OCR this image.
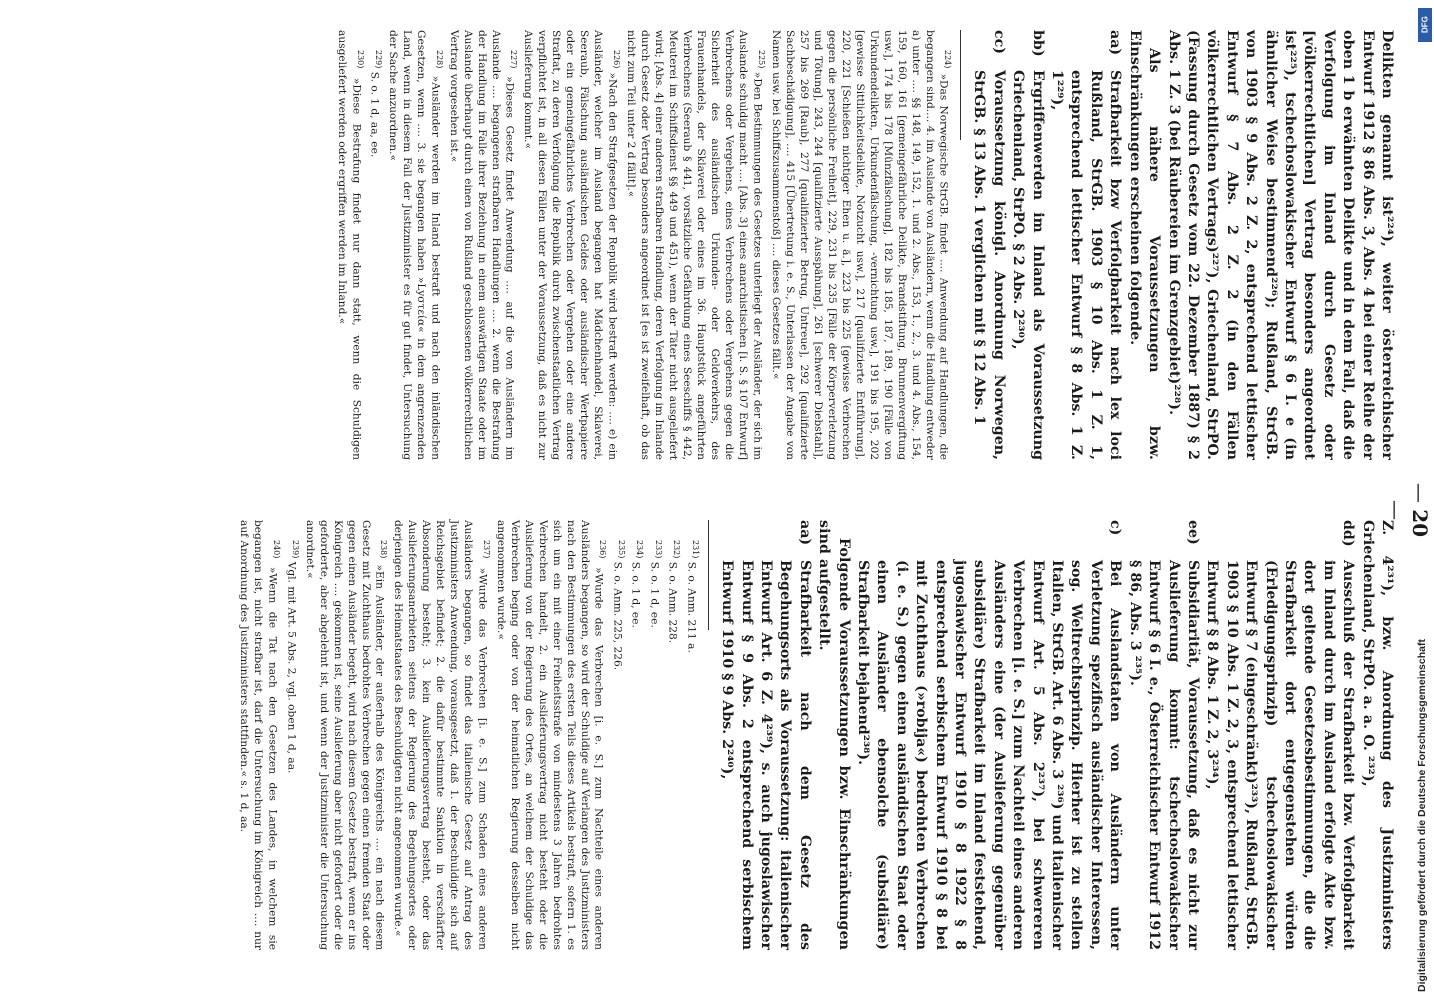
— 20 —

Delikten genannt ist²²⁴), weiter österreichischer Entwurf 1912 § 86 Abs. 3, Abs. 4 bei einer Reihe der oben 1 b erwähnten Delikte und in dem Fall, daß die Verfolgung im Inland durch Gesetz oder [völkerrechtlichen] Vertrag besonders angeordnet ist²²⁵), tschechoslowakischer Entwurf § 6 I. e (in ähnlicher Weise bestimmend²²⁶); Rußland, StrGB. von 1903 § 9 Abs. 2 Z. 2, entsprechend lettischer Entwurf § 7 Abs. 2 Z. 2 (in den Fällen völkerrechtlichen Vertrags)²²⁷), Griechenland, StrPO. (Fassung durch Gesetz vom 22. Dezember 1887) § 2 Abs. 1 Z. 3 (bei Räubereien im Grenzgebiet)²²⁸).

Als nähere Voraussetzungen bzw. Einschränkungen erscheinen folgende.

aa)
Strafbarkeit bzw Verfolgbarkeit nach lex loci Rußland, StrGB. 1903 § 10 Abs. 1 Z. 1, entsprechend lettischer Entwurf § 8 Abs. 1 Z. 1²²⁹),
bb)
Ergriffenwerden im Inland als Voraussetzung Griechenland, StrPO. § 2 Abs. 2²³⁰),
cc)
Voraussetzung königl. Anordnung Norwegen, StrGB. § 13 Abs. 1 verglichen mit § 12 Abs. 1

$^{224)}$ »Das Norwegische StrGB. findet .... Anwendung auf Handlungen, die begangen sind.... 4. im Auslande von Ausländern, wenn die Handlung entweder a) unter .... §§ 148, 149, 152, 1. und 2. Abs., 153, 1., 2., 3. und 4. Abs., 154, 159, 160, 161 [gemeingefährliche Delikte, Brandstiftung, Brunnenvergiftung usw.], 174 bis 178 [Münzfälschung], 182 bis 185, 187, 189, 190 [Fälle von Urkundendelikten, Urkundenfälschung, -vernichtung usw.], 191 bis 195, 202 [gewisse Sittlichkeitsdelikte, Notzucht usw.], 217 [qualifizierte Entführung], 220, 221 [Schießen nichtiger Ehen u. ä.], 223 bis 225 [gewisse Verbrechen gegen die persönliche Freiheit], 229, 231 bis 235 [Fälle der Körperverletzung und Tötung], 243, 244 [qualifizierte Ausspähung], 261 [schwerer Diebstahl], 257 bis 269 [Raub], 277 [qualifizierter Betrug, Untreue], 292 [qualifizierte Sachbeschädigung], .... 415 [Übertretung i. e. S., Unterlassen der Angabe von Namen usw. bei Schiffszusammenstoß] .... dieses Gesetzes fällt.«

$^{225)}$ »Den Bestimmungen des Gesetzes unterliegt der Ausländer, der sich im Auslande schuldig macht .... [Abs. 3] eines anarchistischen [i. S. § 107 Entwurf] Verbrechens oder Vergehens, eines Verbrechens oder Vergehens gegen die Sicherheit des ausländischen Urkunden- oder Geldverkehrs, des Frauenhandels, der Sklaverei oder eines im 36. Hauptstück angeführten Verbrechens (Seeraub § 441, vorsätzliche Gefährdung eines Seeschiffs § 442, Meuterei im Schiffsdienst §§ 449 und 451), wenn der Täter nicht ausgeliefert wird; [Abs. 4] einer anderen strafbaren Handlung, deren Verfolgung im Inlande durch Gesetz oder Vertrag besonders angeordnet ist [es ist zweifelhaft, ob das nicht zum Teil unter 2 d fällt].«

$^{226)}$ »Nach den Strafgesetzen der Republik wird bestraft werden: .... e) ein Ausländer, welcher im Ausland begangen hat Mädchenhandel, Sklaverei, Seeraub, Fälschung ausländischen Geldes oder ausländischer Wertpapiere oder ein gemeingefährliches Verbrechen oder Vergehen oder eine andere Straftat, zu deren Verfolgung die Republik durch zwischenstaatlichen Vertrag verpflichtet ist, in all diesen Fällen unter der Voraussetzung, daß es nicht zur Auslieferung kommt.«

$^{227)}$ »Dieses Gesetz findet Anwendung .... auf die von Ausländern im Auslande .... begangenen strafbaren Handlungen .... 2. wenn die Bestrafung der Handlung im Falle ihrer Beziehung in einem auswärtigen Staate oder im Auslande überhaupt durch einen von Rußland geschlossenen völkerrechtlichen Vertrag vorgesehen ist.«

$^{228)}$ »Ausländer werden im Inland bestraft und nach den inländischen Gesetzen, wenn .... 3. sie begangen haben »Lyστεία« in dem angrenzenden Land, wenn in diesem Fall der Justizminister es für gut findet, Untersuchung der Sache anzuordnen.«

$^{229)}$ S. o. 1 d, aa, ee.

$^{230)}$ »Diese Bestrafung findet nur dann statt, wenn die Schuldigen ausgeliefert werden oder ergriffen werden im Inland.«

Z. 4²³¹), bzw. Anordnung des Justizministers Griechenland, StrPO. a. a. O. ²³²),

dd)
Ausschluß der Strafbarkeit bzw. Verfolgbarkeit im Inland durch im Ausland erfolgte Akte bzw. dort geltende Gesetzesbestimmungen, die die Strafbarkeit dort entgegenstehen würden (Erledigungsprinzip) tschechoslowakischer Entwurf § 7 (eingeschränkt)²³³), Rußland, StrGB. 1903 § 10 Abs. 1 Z. 2, 3, entsprechend lettischer Entwurf § 8 Abs. 1 Z. 2, 3²³⁴),
ee)
Subsidiarität, Voraussetzung, daß es nicht zur Auslieferung kommt: tschechoslowakischer Entwurf § 6 I. e., Österreichischer Entwurf 1912 § 86, Abs. 3 ²³⁵).
c)
Bei Auslandstaten von Ausländern unter Verletzung spezifisch ausländischer Interessen, sog. Weltrechtsprinzip. Hierher ist zu stellen Italien, StrGB. Art. 6 Abs. 3 ²³⁶) und italienischer Entwurf Art. 5 Abs. 2²³⁷), bei schwereren Verbrechen [i. e. S.] zum Nachteil eines anderen Ausländers eine (der Auslieferung gegenüber subsidiäre) Strafbarkeit im Inland feststehend, jugoslawischer Entwurf 1910 § 8 1922 § 8 entsprechend serbischem Entwurf 1910 § 8 bei mit Zuchthaus (»robija«) bedrohten Verbrechen (i. e. S.) gegen einen ausländischen Staat oder einen Ausländer ebensolche (subsidiäre) Strafbarkeit bejahend²³⁸).

Folgende Voraussetzungen bzw. Einschränkungen sind aufgestellt.

aa)
Strafbarkeit nach dem Gesetz des Begehungsorts als Voraussetzung: italienischer Entwurf Art. 6 Z. 4²³⁹), s. auch jugoslawischer Entwurf § 9 Abs. 2 entsprechend serbischem Entwurf 1910 § 9 Abs. 2²⁴⁰),

$^{231)}$ S. o. Anm. 211 a.

$^{232)}$ S. o. Anm. 228.

$^{233)}$ S. o. 1 d, ee.

$^{234)}$ S. o. 1 d, ee.

$^{235)}$ S. o. Anm. 225, 226.

$^{236)}$ »Wurde das Verbrechen [i. e. S.] zum Nachteile eines anderen Ausländers begangen, so wird der Schuldige auf Verlangen des Justizministers nach den Bestimmungen des ersten Teils dieses Artikels bestraft, sofern 1. es sich um ein mit einer Freiheitsstrafe von mindestens 3 Jahren bedrohtes Verbrechen handelt, 2. ein Auslieferungsvertrag nicht besteht oder die Auslieferung von der Regierung des Ortes, an welchem der Schuldige das Verbrechen beging oder von der heimatlichen Regierung desselben nicht angenommen wurde.«

$^{237)}$ »Wurde das Verbrechen [i. e. S.] zum Schaden eines anderen Ausländers begangen, so findet das italienische Gesetz auf Antrag des Justizministers Anwendung, vorausgesetzt, daß 1. der Beschuldigte sich auf Reichsgebiet befindet; 2. die dafür bestimmte Sanktion in verschärfter Absonderung besteht; 3. kein Auslieferungsvertrag besteht, oder das Auslieferungsanerbieten seitens der Regierung des Begehungsortes oder derjenigen des Heimatstaates des Beschuldigten nicht angenommen wurde.«

$^{238)}$ »Ein Ausländer, der außerhalb des Königreichs .... ein nach diesem Gesetz mit Zuchthaus bedrohtes Verbrechen gegen einen fremden Staat oder gegen einen Ausländer begeht, wird nach diesem Gesetze bestraft, wenn er ins Königreich .... gekommen ist, seine Auslieferung aber nicht gefordert oder die geforderte, aber abgelehnt ist, und wenn der Justizminister die Untersuchung anordnet.«

$^{239)}$ Vgl. mit Art. 5 Abs. 2, vgl. oben 1 d, aa.

$^{240)}$ »Wenn die Tat nach den Gesetzen des Landes, in welchem sie begangen ist, nicht strafbar ist, darf die Untersuchung im Königreich .... nur auf Anordnung des Justizministers stattfinden.« s. 1 d, aa.

DFG
Digitalisierung gefördert durch die Deutsche Forschungsgemeinschaft
